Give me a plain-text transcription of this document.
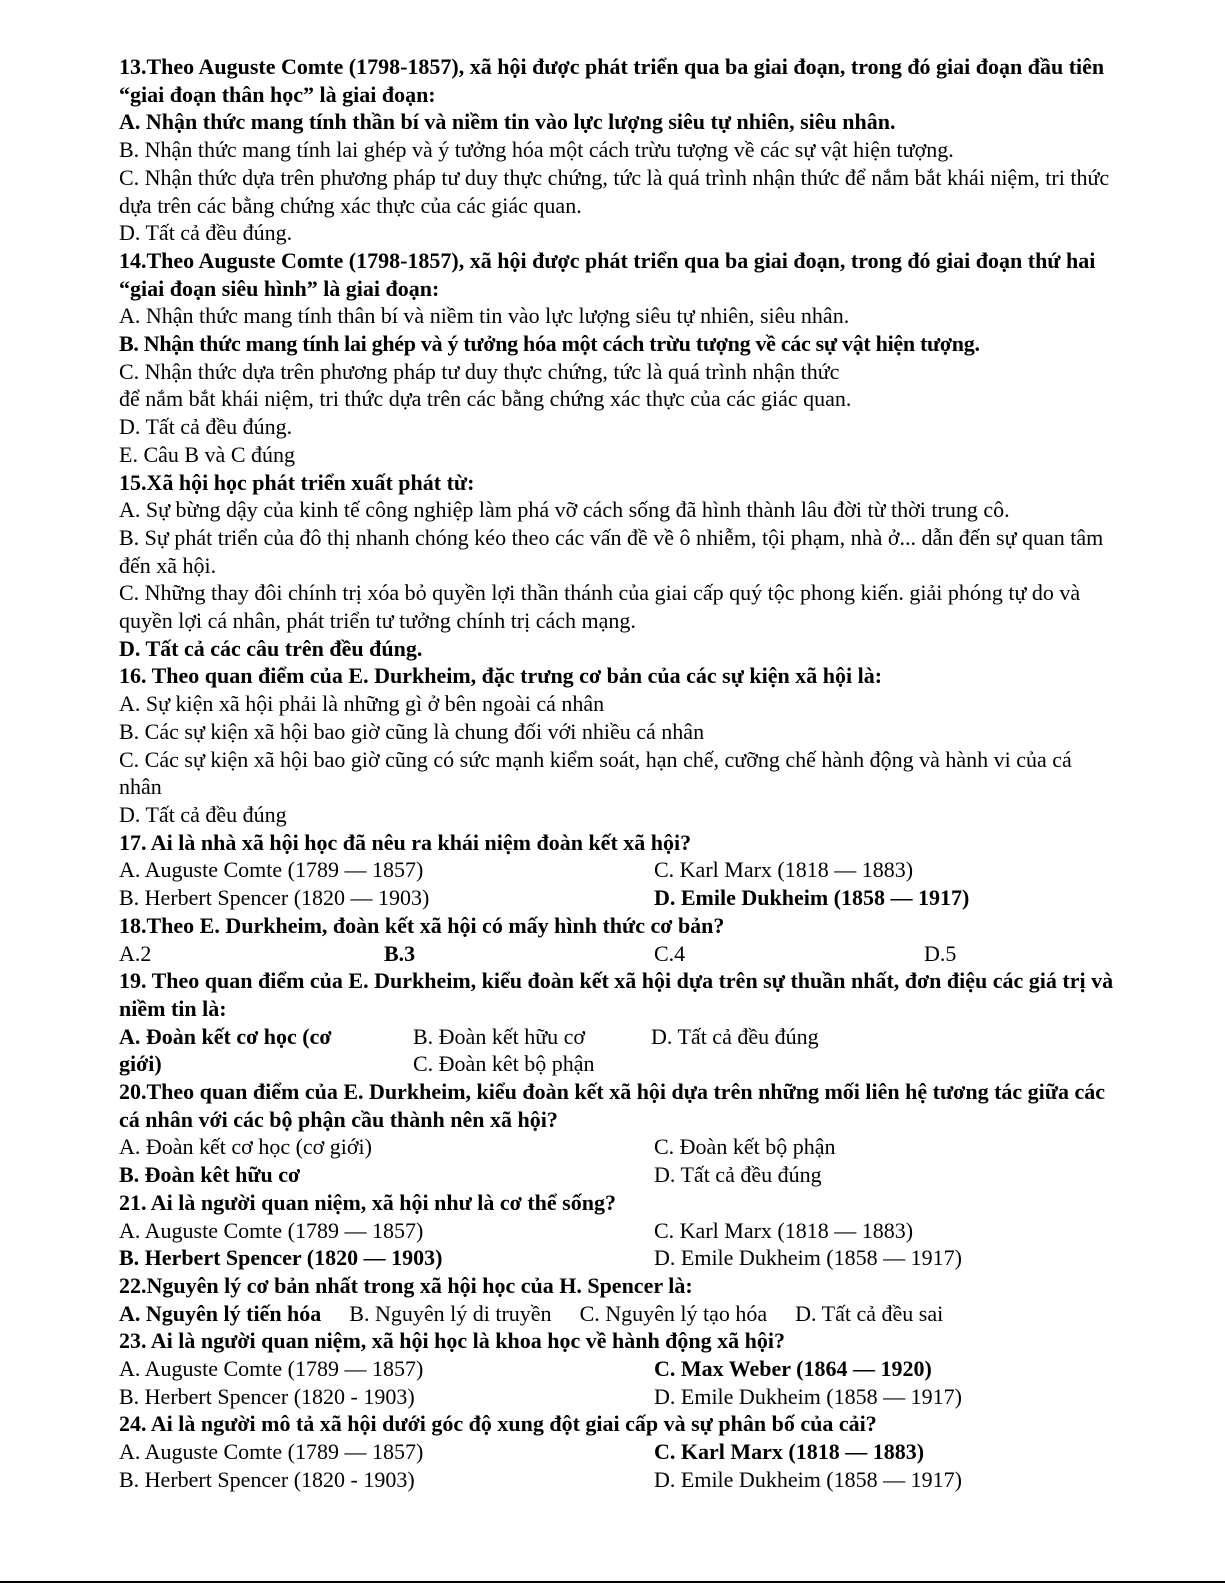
13.Theo Auguste Comte (1798-1857), xã hội được phát triển qua ba giai đoạn, trong đó giai đoạn đầu tiên “giai đoạn thân học” là giai đoạn:
A. Nhận thức mang tính thần bí và niềm tin vào lực lượng siêu tự nhiên, siêu nhân.
B. Nhận thức mang tính lai ghép và ý tưởng hóa một cách trừu tượng về các sự vật hiện tượng.
C. Nhận thức dựa trên phương pháp tư duy thực chứng, tức là quá trình nhận thức để nắm bắt khái niệm, tri thức dựa trên các bằng chứng xác thực của các giác quan.
D. Tất cả đều đúng.
14.Theo Auguste Comte (1798-1857), xã hội được phát triển qua ba giai đoạn, trong đó giai đoạn thứ hai “giai đoạn siêu hình” là giai đoạn:
A. Nhận thức mang tính thân bí và niềm tin vào lực lượng siêu tự nhiên, siêu nhân.
B. Nhận thức mang tính lai ghép và ý tưởng hóa một cách trừu tượng về các sự vật hiện tượng.
C. Nhận thức dựa trên phương pháp tư duy thực chứng, tức là quá trình nhận thức
để nắm bắt khái niệm, tri thức dựa trên các bằng chứng xác thực của các giác quan.
D. Tất cả đều đúng.
E. Câu B và C đúng
15.Xã hội học phát triển xuất phát từ:
A. Sự bừng dậy của kinh tế công nghiệp làm phá vỡ cách sống đã hình thành lâu đời từ thời trung cô.
B. Sự phát triển của đô thị nhanh chóng kéo theo các vấn đề về ô nhiễm, tội phạm, nhà ở... dẫn đến sự quan tâm đến xã hội.
C. Những thay đôi chính trị xóa bỏ quyền lợi thần thánh của giai cấp quý tộc phong kiến. giải phóng tự do và quyền lợi cá nhân, phát triển tư tưởng chính trị cách mạng.
D. Tất cả các câu trên đều đúng.
16. Theo quan điểm của E. Durkheim, đặc trưng cơ bản của các sự kiện xã hội là:
A. Sự kiện xã hội phải là những gì ở bên ngoài cá nhân
B. Các sự kiện xã hội bao giờ cũng là chung đối với nhiều cá nhân
C. Các sự kiện xã hội bao giờ cũng có sức mạnh kiểm soát, hạn chế, cưỡng chế hành động và hành vi của cá nhân
D. Tất cả đều đúng
17. Ai là nhà xã hội học đã nêu ra khái niệm đoàn kết xã hội?
A. Auguste Comte (1789 — 1857)	C. Karl Marx (1818 — 1883)
B. Herbert Spencer (1820 — 1903)	D. Emile Dukheim (1858 — 1917)
18.Theo E. Durkheim, đoàn kết xã hội có mấy hình thức cơ bản?
A.2	B.3	C.4	D.5
19. Theo quan điểm của E. Durkheim, kiểu đoàn kết xã hội dựa trên sự thuần nhất, đơn điệu các giá trị và niềm tin là:
A. Đoàn kết cơ học (cơ	B. Đoàn kết hữu cơ	D. Tất cả đều đúng
giới)	C. Đoàn kêt bộ phận
20.Theo quan điểm của E. Durkheim, kiểu đoàn kết xã hội dựa trên những mối liên hệ tương tác giữa các cá nhân với các bộ phận cầu thành nên xã hội?
A. Đoàn kết cơ học (cơ giới)	C. Đoàn kết bộ phận
B. Đoàn kêt hữu cơ	D. Tất cả đều đúng
21. Ai là người quan niệm, xã hội như là cơ thể sống?
A. Auguste Comte (1789 — 1857)	C. Karl Marx (1818 — 1883)
B. Herbert Spencer (1820 — 1903)	D. Emile Dukheim (1858 — 1917)
22.Nguyên lý cơ bản nhất trong xã hội học của H. Spencer là:
A. Nguyên lý tiến hóa B. Nguyên lý di truyền C. Nguyên lý tạo hóa D. Tất cả đều sai
23. Ai là người quan niệm, xã hội học là khoa học về hành động xã hội?
A. Auguste Comte (1789 — 1857)	C. Max Weber (1864 — 1920)
B. Herbert Spencer (1820 - 1903)	D. Emile Dukheim (1858 — 1917)
24. Ai là người mô tả xã hội dưới góc độ xung đột giai cấp và sự phân bố của cải?
A. Auguste Comte (1789 — 1857)	C. Karl Marx (1818 — 1883)
B. Herbert Spencer (1820 - 1903)	D. Emile Dukheim (1858 — 1917)
